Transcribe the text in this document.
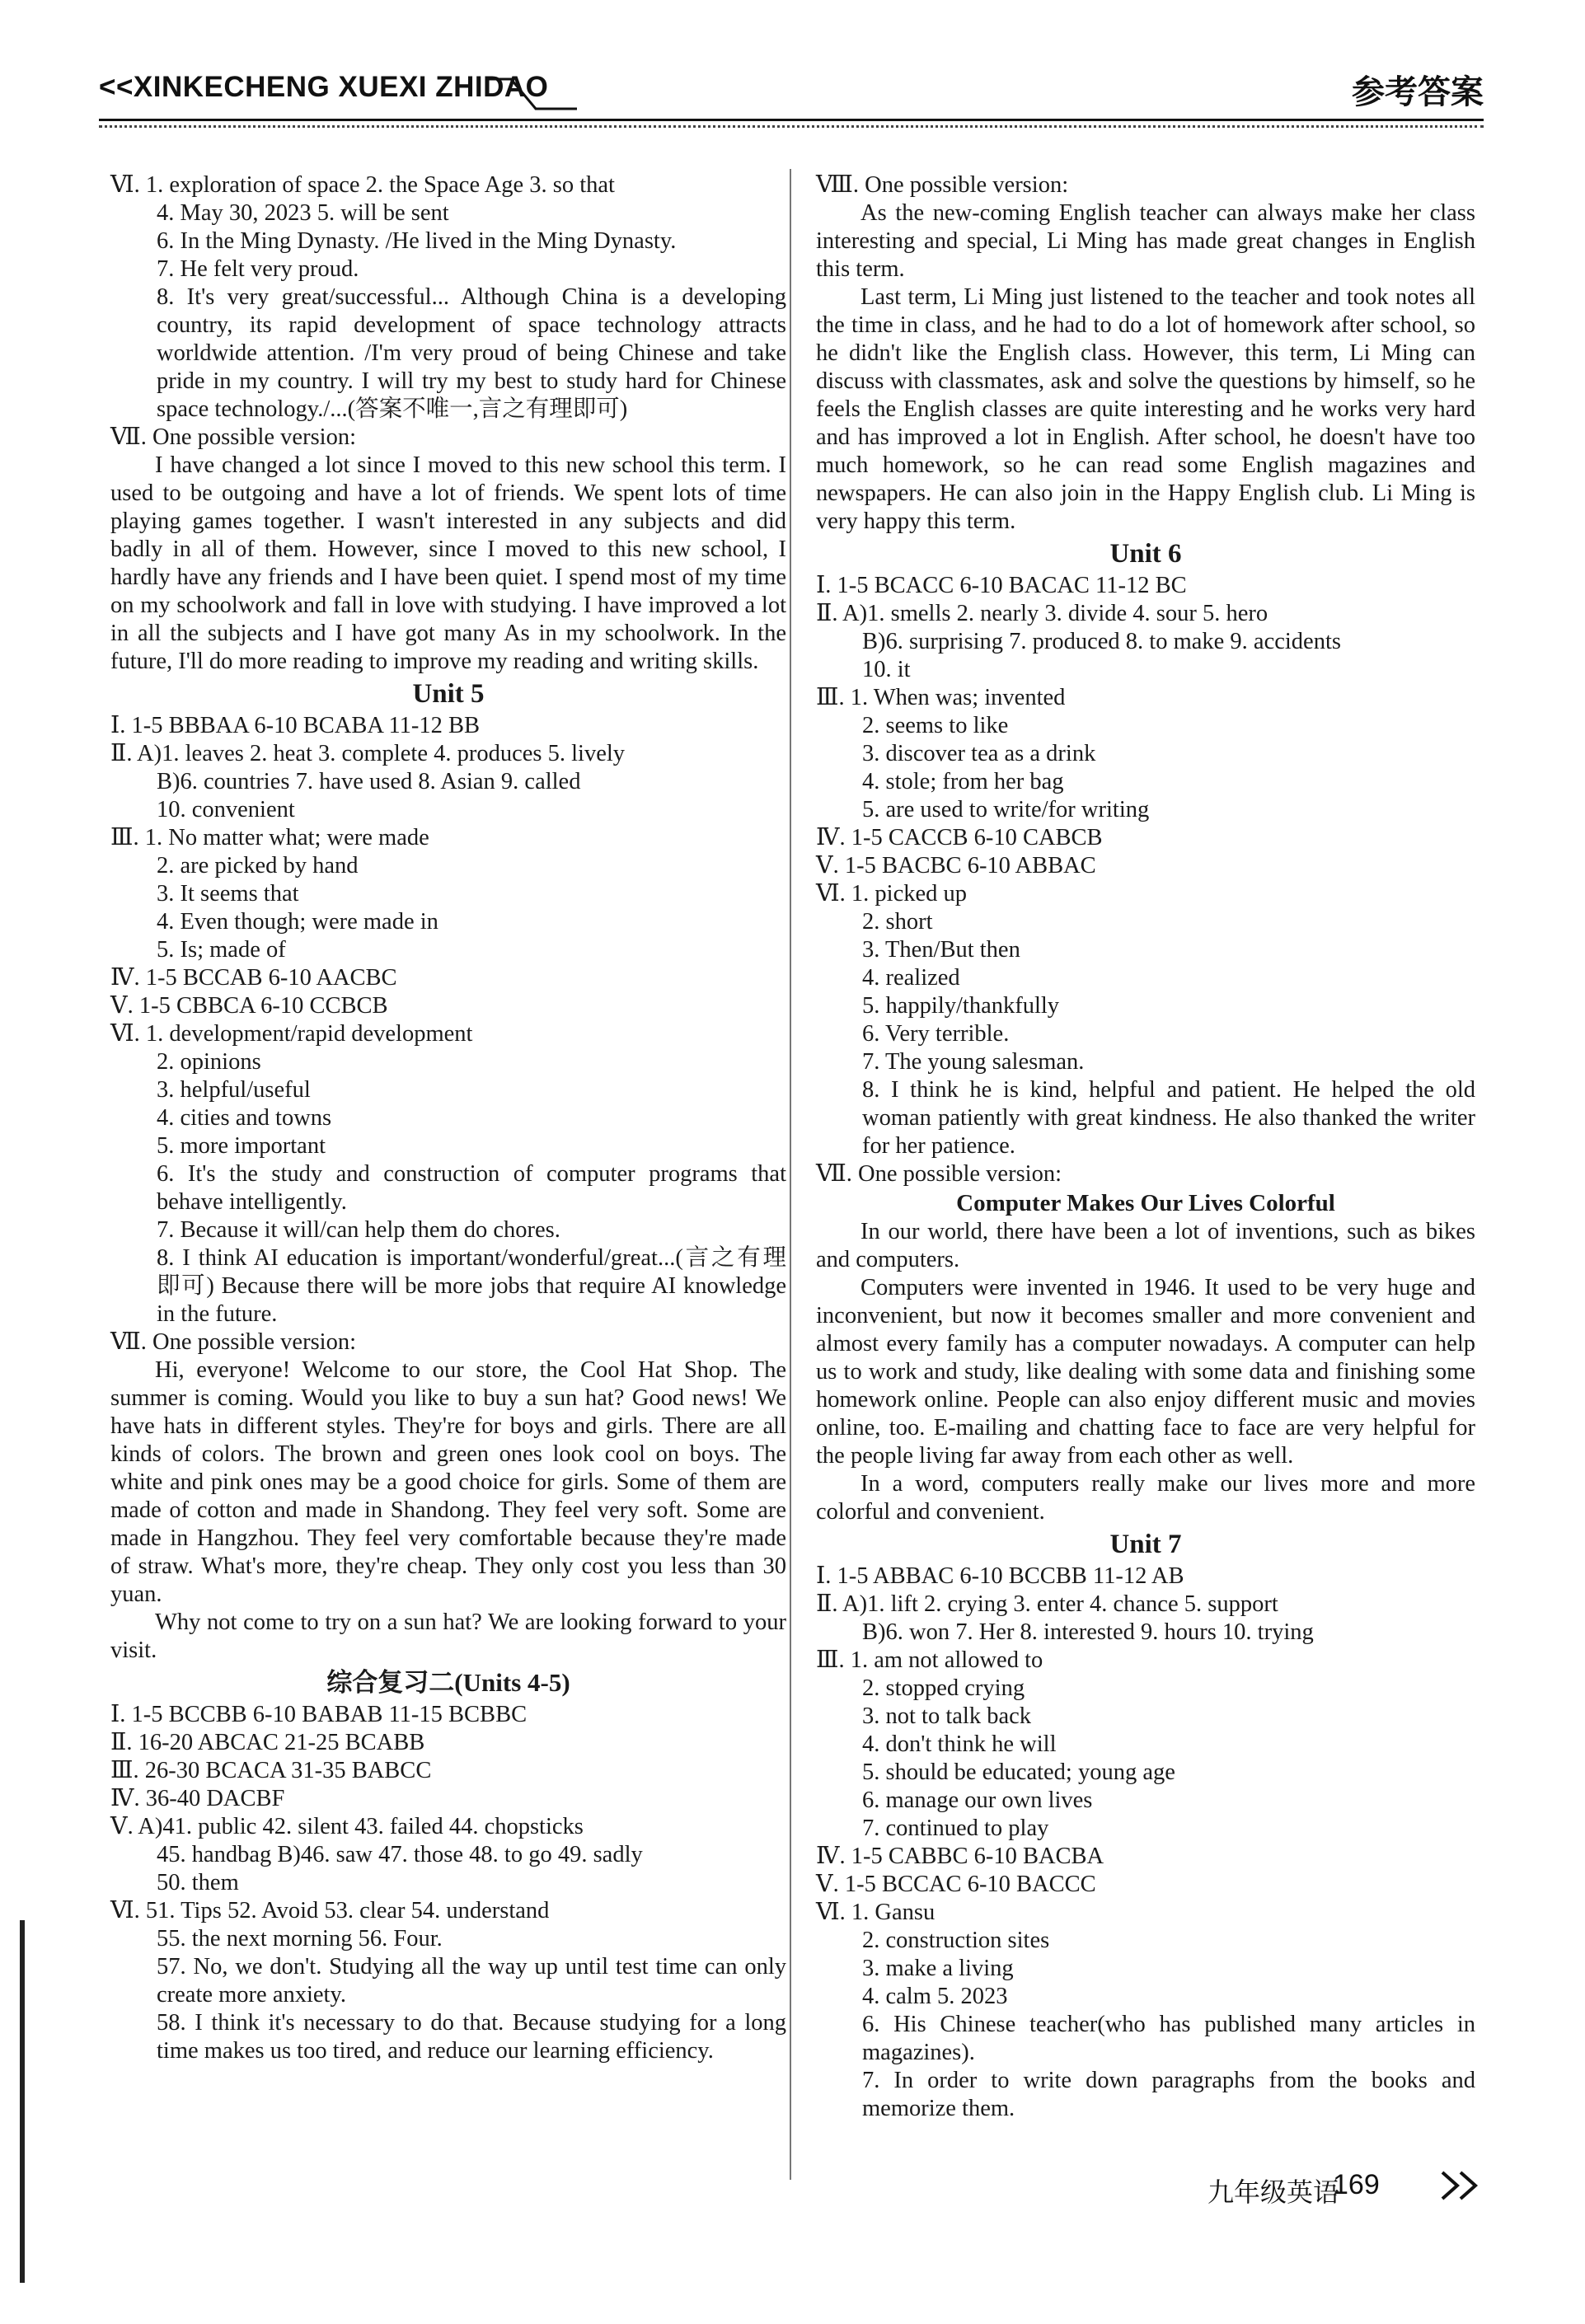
<<XINKECHENG XUEXI ZHIDAO	参考答案
Ⅵ. 1. exploration of space 2. the Space Age 3. so that
4. May 30, 2023 5. will be sent
6. In the Ming Dynasty. /He lived in the Ming Dynasty.
7. He felt very proud.
8. It's very great/successful... Although China is a developing country, its rapid development of space technology attracts worldwide attention. /I'm very proud of being Chinese and take pride in my country. I will try my best to study hard for Chinese space technology./...(答案不唯一,言之有理即可)
Ⅶ. One possible version:
I have changed a lot since I moved to this new school this term. I used to be outgoing and have a lot of friends. We spent lots of time playing games together. I wasn't interested in any subjects and did badly in all of them. However, since I moved to this new school, I hardly have any friends and I have been quiet. I spend most of my time on my schoolwork and fall in love with studying. I have improved a lot in all the subjects and I have got many As in my schoolwork. In the future, I'll do more reading to improve my reading and writing skills.
Unit 5
Ⅰ. 1-5 BBBAA 6-10 BCABA 11-12 BB
Ⅱ. A)1. leaves 2. heat 3. complete 4. produces 5. lively
B)6. countries 7. have used 8. Asian 9. called
10. convenient
Ⅲ. 1. No matter what; were made
2. are picked by hand
3. It seems that
4. Even though; were made in
5. Is; made of
Ⅳ. 1-5 BCCAB 6-10 AACBC
Ⅴ. 1-5 CBBCA 6-10 CCBCB
Ⅵ. 1. development/rapid development
2. opinions
3. helpful/useful
4. cities and towns
5. more important
6. It's the study and construction of computer programs that behave intelligently.
7. Because it will/can help them do chores.
8. I think AI education is important/wonderful/great...(言之有理即可) Because there will be more jobs that require AI knowledge in the future.
Ⅶ. One possible version:
Hi, everyone! Welcome to our store, the Cool Hat Shop. The summer is coming. Would you like to buy a sun hat? Good news! We have hats in different styles. They're for boys and girls. There are all kinds of colors. The brown and green ones look cool on boys. The white and pink ones may be a good choice for girls. Some of them are made of cotton and made in Shandong. They feel very soft. Some are made in Hangzhou. They feel very comfortable because they're made of straw. What's more, they're cheap. They only cost you less than 30 yuan.
Why not come to try on a sun hat? We are looking forward to your visit.
综合复习二(Units 4-5)
Ⅰ. 1-5 BCCBB 6-10 BABAB 11-15 BCBBC
Ⅱ. 16-20 ABCAC 21-25 BCABB
Ⅲ. 26-30 BCACA 31-35 BABCC
Ⅳ. 36-40 DACBF
Ⅴ. A)41. public 42. silent 43. failed 44. chopsticks
45. handbag B)46. saw 47. those 48. to go 49. sadly
50. them
Ⅵ. 51. Tips 52. Avoid 53. clear 54. understand
55. the next morning 56. Four.
57. No, we don't. Studying all the way up until test time can only create more anxiety.
58. I think it's necessary to do that. Because studying for a long time makes us too tired, and reduce our learning efficiency.
Ⅷ. One possible version:
As the new-coming English teacher can always make her class interesting and special, Li Ming has made great changes in English this term.
Last term, Li Ming just listened to the teacher and took notes all the time in class, and he had to do a lot of homework after school, so he didn't like the English class. However, this term, Li Ming can discuss with classmates, ask and solve the questions by himself, so he feels the English classes are quite interesting and he works very hard and has improved a lot in English. After school, he doesn't have too much homework, so he can read some English magazines and newspapers. He can also join in the Happy English club. Li Ming is very happy this term.
Unit 6
Ⅰ. 1-5 BCACC 6-10 BACAC 11-12 BC
Ⅱ. A)1. smells 2. nearly 3. divide 4. sour 5. hero
B)6. surprising 7. produced 8. to make 9. accidents
10. it
Ⅲ. 1. When was; invented
2. seems to like
3. discover tea as a drink
4. stole; from her bag
5. are used to write/for writing
Ⅳ. 1-5 CACCB 6-10 CABCB
Ⅴ. 1-5 BACBC 6-10 ABBAC
Ⅵ. 1. picked up
2. short
3. Then/But then
4. realized
5. happily/thankfully
6. Very terrible.
7. The young salesman.
8. I think he is kind, helpful and patient. He helped the old woman patiently with great kindness. He also thanked the writer for her patience.
Ⅶ. One possible version:
Computer Makes Our Lives Colorful
In our world, there have been a lot of inventions, such as bikes and computers.
Computers were invented in 1946. It used to be very huge and inconvenient, but now it becomes smaller and more convenient and almost every family has a computer nowadays. A computer can help us to work and study, like dealing with some data and finishing some homework online. People can also enjoy different music and movies online, too. E-mailing and chatting face to face are very helpful for the people living far away from each other as well.
In a word, computers really make our lives more and more colorful and convenient.
Unit 7
Ⅰ. 1-5 ABBAC 6-10 BCCBB 11-12 AB
Ⅱ. A)1. lift 2. crying 3. enter 4. chance 5. support
B)6. won 7. Her 8. interested 9. hours 10. trying
Ⅲ. 1. am not allowed to
2. stopped crying
3. not to talk back
4. don't think he will
5. should be educated; young age
6. manage our own lives
7. continued to play
Ⅳ. 1-5 CABBC 6-10 BACBA
Ⅴ. 1-5 BCCAC 6-10 BACCC
Ⅵ. 1. Gansu
2. construction sites
3. make a living
4. calm 5. 2023
6. His Chinese teacher(who has published many articles in magazines).
7. In order to write down paragraphs from the books and memorize them.
九年级英语
169
